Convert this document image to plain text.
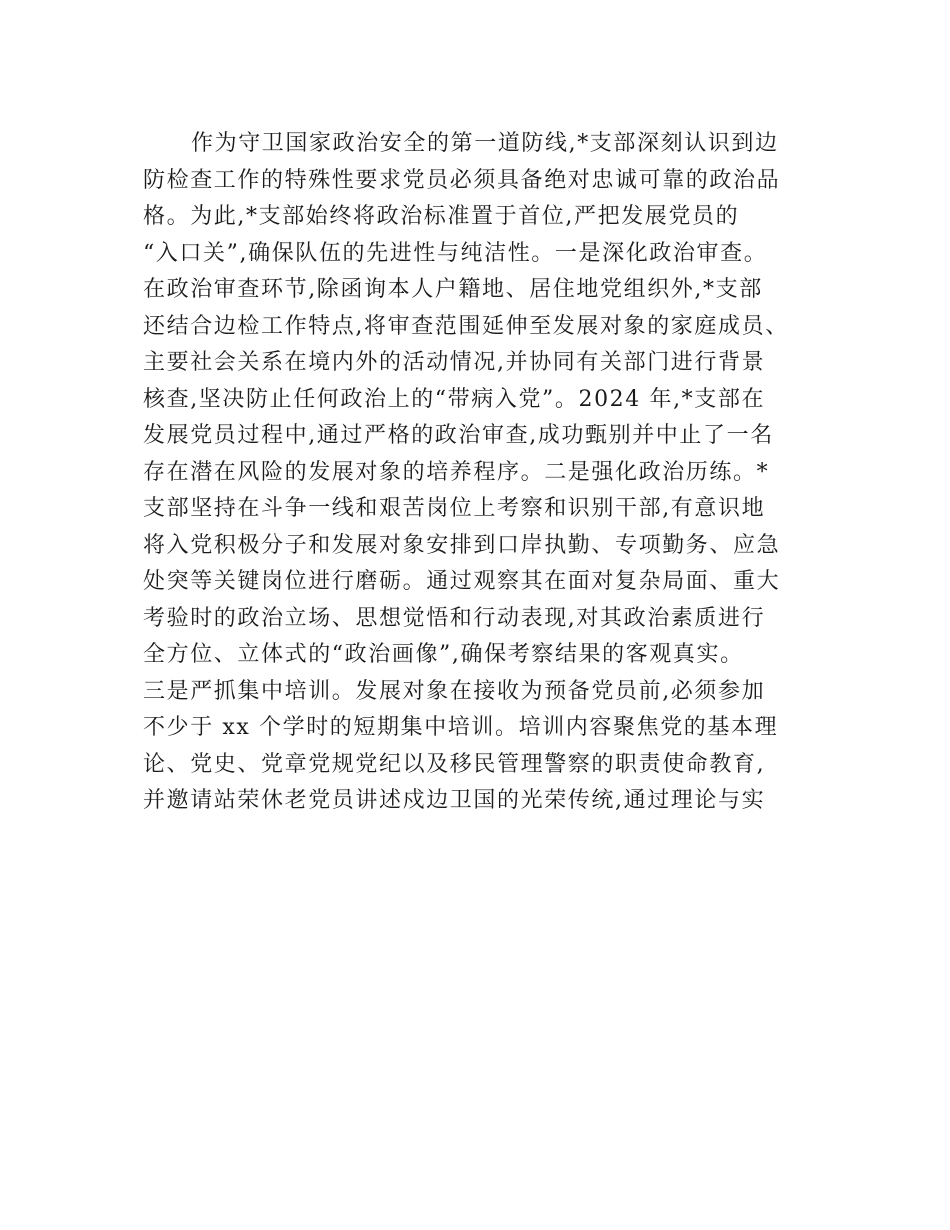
作为守卫国家政治安全的第一道防线,*支部深刻认识到边
防检查工作的特殊性要求党员必须具备绝对忠诚可靠的政治品
格。为此,*支部始终将政治标准置于首位,严把发展党员的
“入口关”,确保队伍的先进性与纯洁性。一是深化政治审查。
在政治审查环节,除函询本人户籍地、居住地党组织外,*支部
还结合边检工作特点,将审查范围延伸至发展对象的家庭成员、
主要社会关系在境内外的活动情况,并协同有关部门进行背景
核查,坚决防止任何政治上的“带病入党”。2024 年,*支部在
发展党员过程中,通过严格的政治审查,成功甄别并中止了一名
存在潜在风险的发展对象的培养程序。二是强化政治历练。*
支部坚持在斗争一线和艰苦岗位上考察和识别干部,有意识地
将入党积极分子和发展对象安排到口岸执勤、专项勤务、应急
处突等关键岗位进行磨砺。通过观察其在面对复杂局面、重大
考验时的政治立场、思想觉悟和行动表现,对其政治素质进行
全方位、立体式的“政治画像”,确保考察结果的客观真实。
三是严抓集中培训。发展对象在接收为预备党员前,必须参加
不少于 xx 个学时的短期集中培训。培训内容聚焦党的基本理
论、党史、党章党规党纪以及移民管理警察的职责使命教育,
并邀请站荣休老党员讲述戍边卫国的光荣传统,通过理论与实
